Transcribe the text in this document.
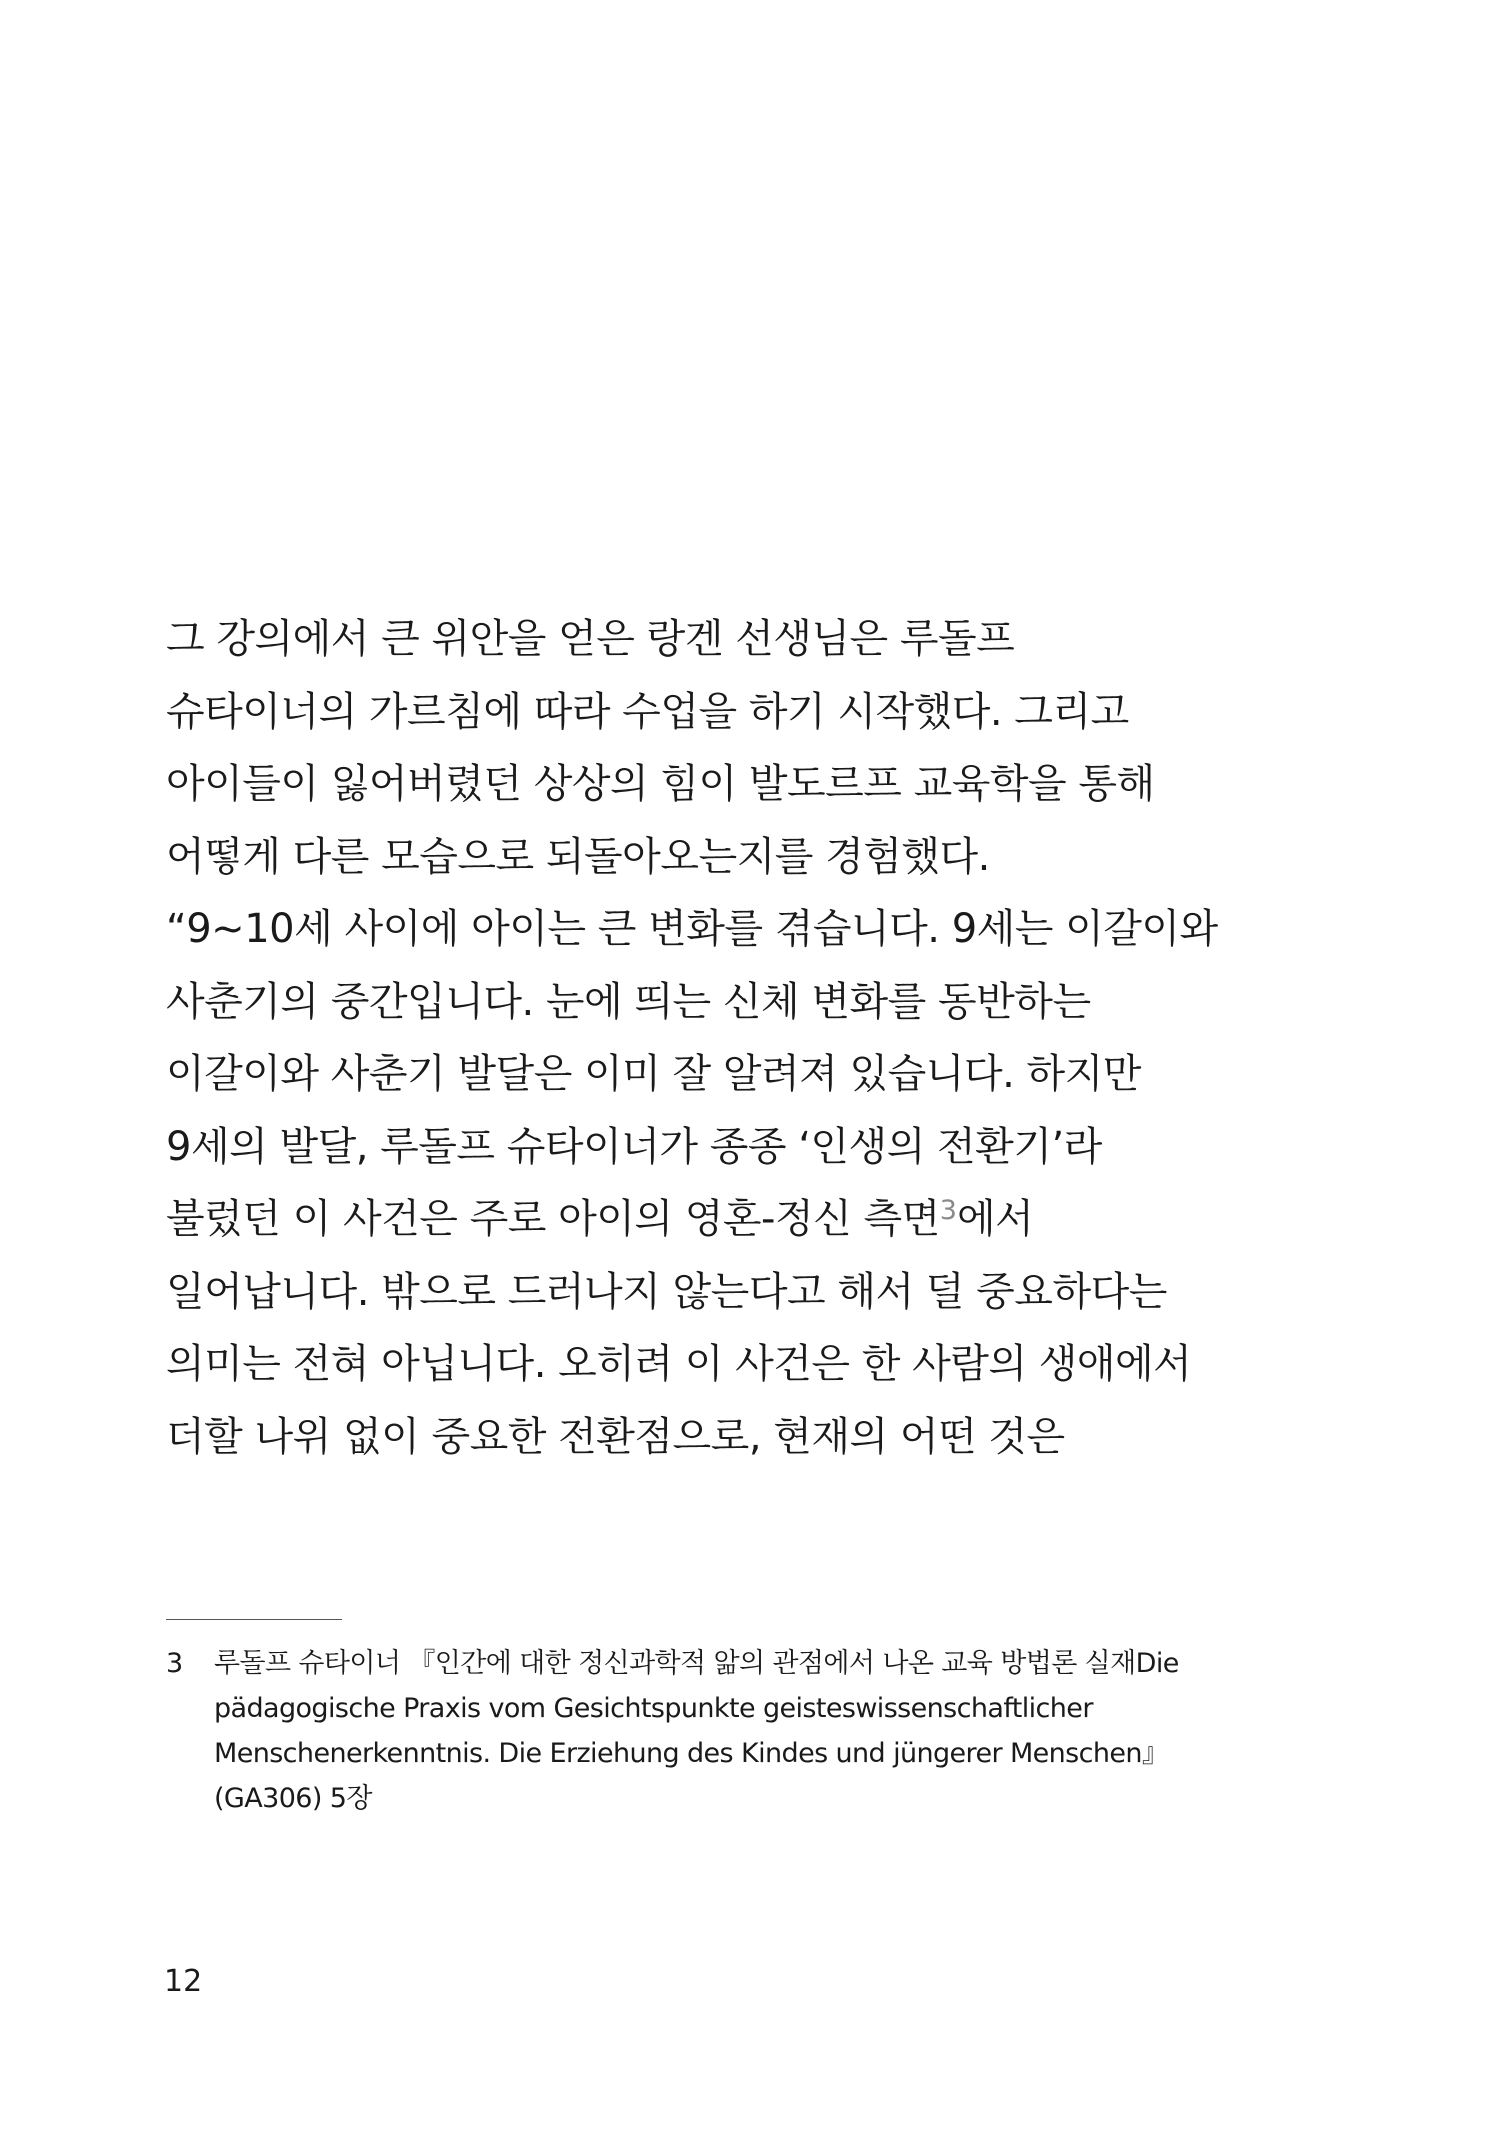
그 강의에서 큰 위안을 얻은 랑겐 선생님은 루돌프
슈타이너의 가르침에 따라 수업을 하기 시작했다. 그리고
아이들이 잃어버렸던 상상의 힘이 발도르프 교육학을 통해
어떻게 다른 모습으로 되돌아오는지를 경험했다.
“9~10세 사이에 아이는 큰 변화를 겪습니다. 9세는 이갈이와
사춘기의 중간입니다. 눈에 띄는 신체 변화를 동반하는
이갈이와 사춘기 발달은 이미 잘 알려져 있습니다. 하지만
9세의 발달, 루돌프 슈타이너가 종종 ‘인생의 전환기’라
불렀던 이 사건은 주로 아이의 영혼-정신 측면$^3$에서
일어납니다. 밖으로 드러나지 않는다고 해서 덜 중요하다는
의미는 전혀 아닙니다. 오히려 이 사건은 한 사람의 생애에서
더할 나위 없이 중요한 전환점으로, 현재의 어떤 것은
3	루돌프 슈타이너 『인간에 대한 정신과학적 앎의 관점에서 나온 교육 방법론 실재Die
pädagogische Praxis vom Gesichtspunkte geisteswissenschaftlicher
Menschenerkenntnis. Die Erziehung des Kindes und jüngerer Menschen』
(GA306) 5장
12
